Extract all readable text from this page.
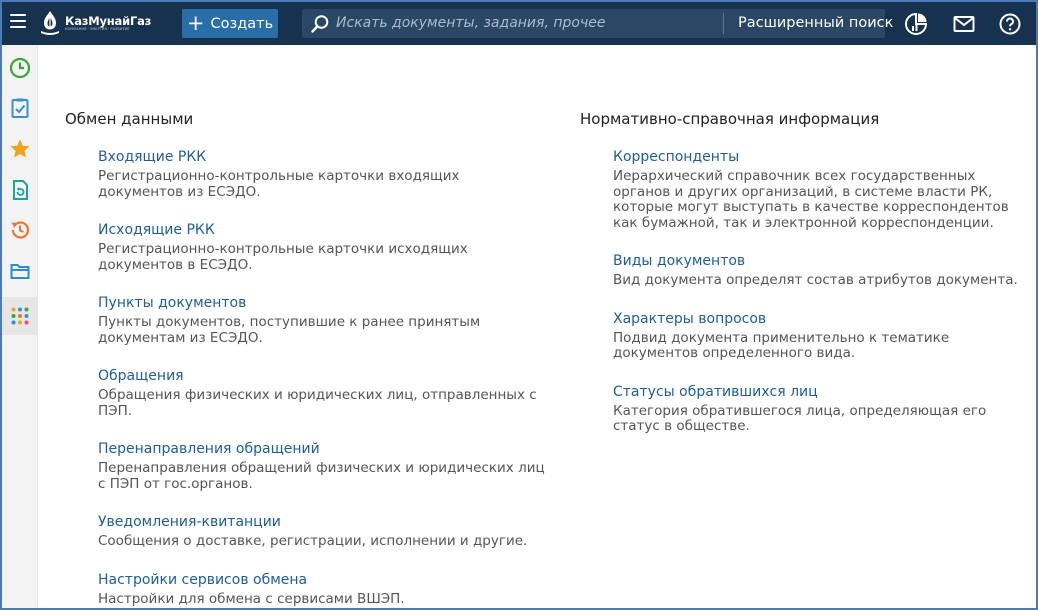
КазМунайГаз
КОМПАНИЯ · ЭНЕРГИЯ · РАЗВИТИЕ	+ Создать
Искать документы, задания, прочее	Расширенный поиск
Обмен данными
Входящие РКК
Регистрационно-контрольные карточки входящих документов из ЕСЭДО.
Исходящие РКК
Регистрационно-контрольные карточки исходящих документов в ЕСЭДО.
Пункты документов
Пункты документов, поступившие к ранее принятым документам из ЕСЭДО.
Обращения
Обращения физических и юридических лиц, отправленных с ПЭП.
Перенаправления обращений
Перенаправления обращений физических и юридических лиц с ПЭП от гос.органов.
Уведомления-квитанции
Сообщения о доставке, регистрации, исполнении и другие.
Настройки сервисов обмена
Настройки для обмена с сервисами ВШЭП.
Нормативно-справочная информация
Корреспонденты
Иерархический справочник всех государственных органов и других организаций, в системе власти РК, которые могут выступать в качестве корреспондентов как бумажной, так и электронной корреспонденции.
Виды документов
Вид документа определят состав атрибутов документа.
Характеры вопросов
Подвид документа применительно к тематике документов определенного вида.
Статусы обратившихся лиц
Категория обратившегося лица, определяющая его статус в обществе.
